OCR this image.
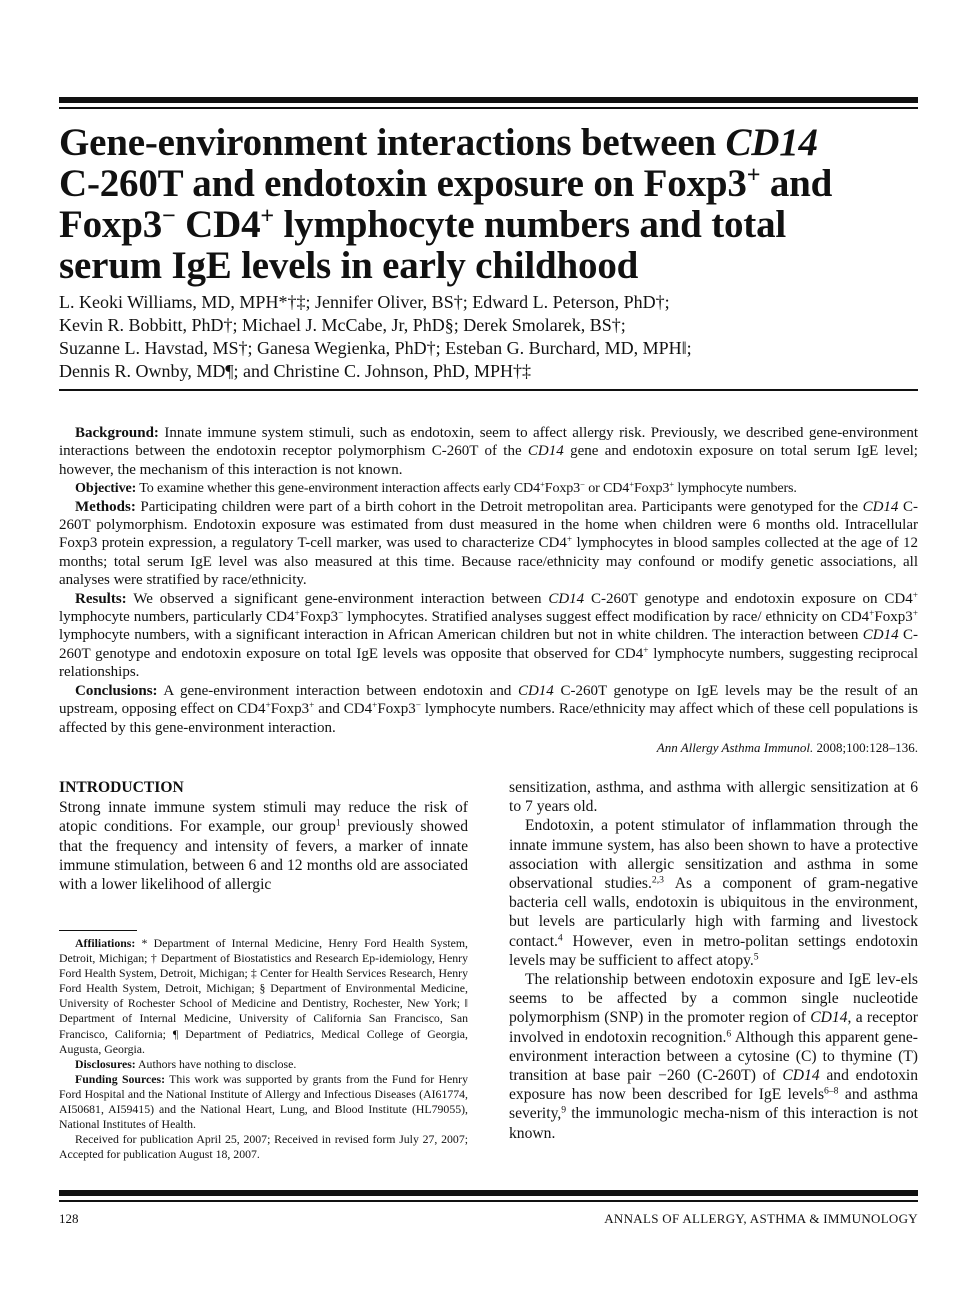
Gene-environment interactions between CD14
C-260T and endotoxin exposure on Foxp3+ and
Foxp3− CD4+ lymphocyte numbers and total
serum IgE levels in early childhood
L. Keoki Williams, MD, MPH*†‡; Jennifer Oliver, BS†; Edward L. Peterson, PhD†;
Kevin R. Bobbitt, PhD†; Michael J. McCabe, Jr, PhD§; Derek Smolarek, BS†;
Suzanne L. Havstad, MS†; Ganesa Wegienka, PhD†; Esteban G. Burchard, MD, MPH‖;
Dennis R. Ownby, MD¶; and Christine C. Johnson, PhD, MPH†‡

Background: Innate immune system stimuli, such as endotoxin, seem to affect allergy risk. Previously, we described gene-environment interactions between the endotoxin receptor polymorphism C-260T of the CD14 gene and endotoxin exposure on total serum IgE level; however, the mechanism of this interaction is not known.

Objective: To examine whether this gene-environment interaction affects early CD4+Foxp3− or CD4+Foxp3+ lymphocyte numbers.

Methods: Participating children were part of a birth cohort in the Detroit metropolitan area. Participants were genotyped for the CD14 C-260T polymorphism. Endotoxin exposure was estimated from dust measured in the home when children were 6 months old. Intracellular Foxp3 protein expression, a regulatory T-cell marker, was used to characterize CD4+ lymphocytes in blood samples collected at the age of 12 months; total serum IgE level was also measured at this time. Because race/ethnicity may confound or modify genetic associations, all analyses were stratified by race/ethnicity.

Results: We observed a significant gene-environment interaction between CD14 C-260T genotype and endotoxin exposure on CD4+ lymphocyte numbers, particularly CD4+Foxp3− lymphocytes. Stratified analyses suggest effect modification by race/ ethnicity on CD4+Foxp3+ lymphocyte numbers, with a significant interaction in African American children but not in white children. The interaction between CD14 C-260T genotype and endotoxin exposure on total IgE levels was opposite that observed for CD4+ lymphocyte numbers, suggesting reciprocal relationships.

Conclusions: A gene-environment interaction between endotoxin and CD14 C-260T genotype on IgE levels may be the result of an upstream, opposing effect on CD4+Foxp3+ and CD4+Foxp3− lymphocyte numbers. Race/ethnicity may affect which of these cell populations is affected by this gene-environment interaction.

Ann Allergy Asthma Immunol. 2008;100:128–136.

INTRODUCTION

Strong innate immune system stimuli may reduce the risk of atopic conditions. For example, our group$^1$ previously showed that the frequency and intensity of fevers, a marker of innate immune stimulation, between 6 and 12 months old are associated with a lower likelihood of allergic

Affiliations: * Department of Internal Medicine, Henry Ford Health System, Detroit, Michigan; † Department of Biostatistics and Research Ep-idemiology, Henry Ford Health System, Detroit, Michigan; ‡ Center for Health Services Research, Henry Ford Health System, Detroit, Michigan; § Department of Environmental Medicine, University of Rochester School of Medicine and Dentistry, Rochester, New York; ‖ Department of Internal Medicine, University of California San Francisco, San Francisco, California; ¶ Department of Pediatrics, Medical College of Georgia, Augusta, Georgia.

Disclosures: Authors have nothing to disclose.

Funding Sources: This work was supported by grants from the Fund for Henry Ford Hospital and the National Institute of Allergy and Infectious Diseases (AI61774, AI50681, AI59415) and the National Heart, Lung, and Blood Institute (HL79055), National Institutes of Health.

Received for publication April 25, 2007; Received in revised form July 27, 2007; Accepted for publication August 18, 2007.

sensitization, asthma, and asthma with allergic sensitization at 6 to 7 years old.

Endotoxin, a potent stimulator of inflammation through the innate immune system, has also been shown to have a protective association with allergic sensitization and asthma in some observational studies.$^{2,3}$ As a component of gram-negative bacteria cell walls, endotoxin is ubiquitous in the environment, but levels are particularly high with farming and livestock contact.$^4$ However, even in metro-politan settings endotoxin levels may be sufficient to affect atopy.$^5$

The relationship between endotoxin exposure and IgE lev-els seems to be affected by a common single nucleotide polymorphism (SNP) in the promoter region of CD14, a receptor involved in endotoxin recognition.$^6$ Although this apparent gene-environment interaction between a cytosine (C) to thymine (T) transition at base pair −260 (C-260T) of CD14 and endotoxin exposure has now been described for IgE levels$^{6-8}$ and asthma severity,$^9$ the immunologic mecha-nism of this interaction is not known.

128	ANNALS OF ALLERGY, ASTHMA & IMMUNOLOGY
